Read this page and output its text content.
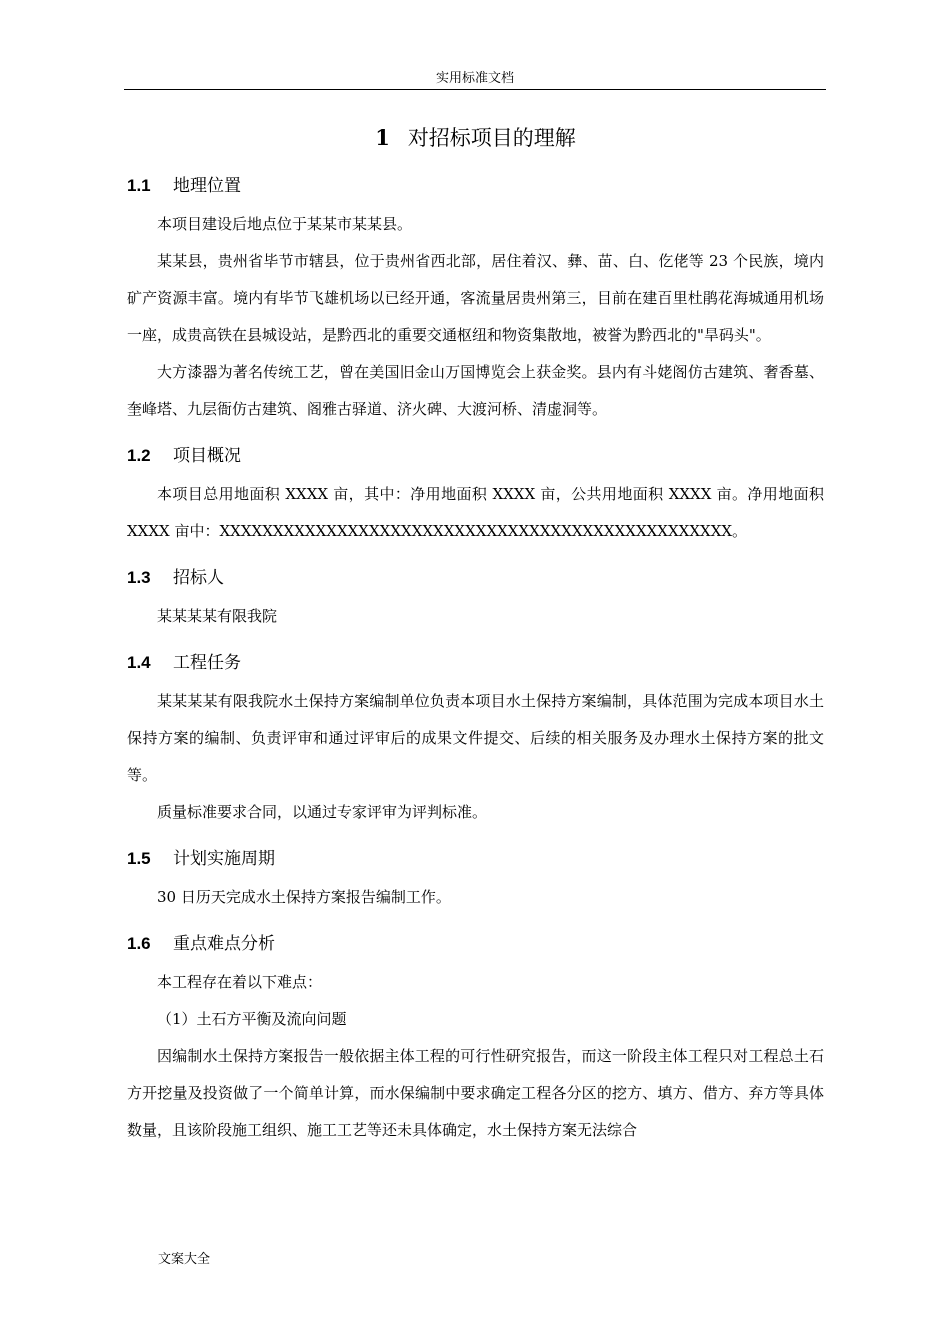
实用标准文档
1 对招标项目的理解
1.1 地理位置

本项目建设后地点位于某某市某某县。

某某县，贵州省毕节市辖县，位于贵州省西北部，居住着汉、彝、苗、白、仡佬等 23 个民族，境内矿产资源丰富。境内有毕节飞雄机场以已经开通，客流量居贵州第三，目前在建百里杜鹃花海城通用机场一座，成贵高铁在县城设站，是黔西北的重要交通枢纽和物资集散地，被誉为黔西北的"旱码头"。

大方漆器为著名传统工艺，曾在美国旧金山万国博览会上获金奖。县内有斗姥阁仿古建筑、奢香墓、奎峰塔、九层衙仿古建筑、阁雅古驿道、济火碑、大渡河桥、清虚洞等。

1.2 项目概况

本项目总用地面积 XXXX 亩，其中：净用地面积 XXXX 亩，公共用地面积 XXXX 亩。净用地面积 XXXX 亩中：XXXXXXXXXXXXXXXXXXXXXXXXXXXXXXXXXXXXXXXXXXXXXXXX。

1.3 招标人

某某某某有限我院

1.4 工程任务

某某某某有限我院水土保持方案编制单位负责本项目水土保持方案编制，具体范围为完成本项目水土保持方案的编制、负责评审和通过评审后的成果文件提交、后续的相关服务及办理水土保持方案的批文等。

质量标准要求合同，以通过专家评审为评判标准。

1.5 计划实施周期

30 日历天完成水土保持方案报告编制工作。

1.6 重点难点分析

本工程存在着以下难点：

（1）土石方平衡及流向问题

因编制水土保持方案报告一般依据主体工程的可行性研究报告，而这一阶段主体工程只对工程总土石方开挖量及投资做了一个简单计算，而水保编制中要求确定工程各分区的挖方、填方、借方、弃方等具体数量，且该阶段施工组织、施工工艺等还未具体确定，水土保持方案无法综合

文案大全
